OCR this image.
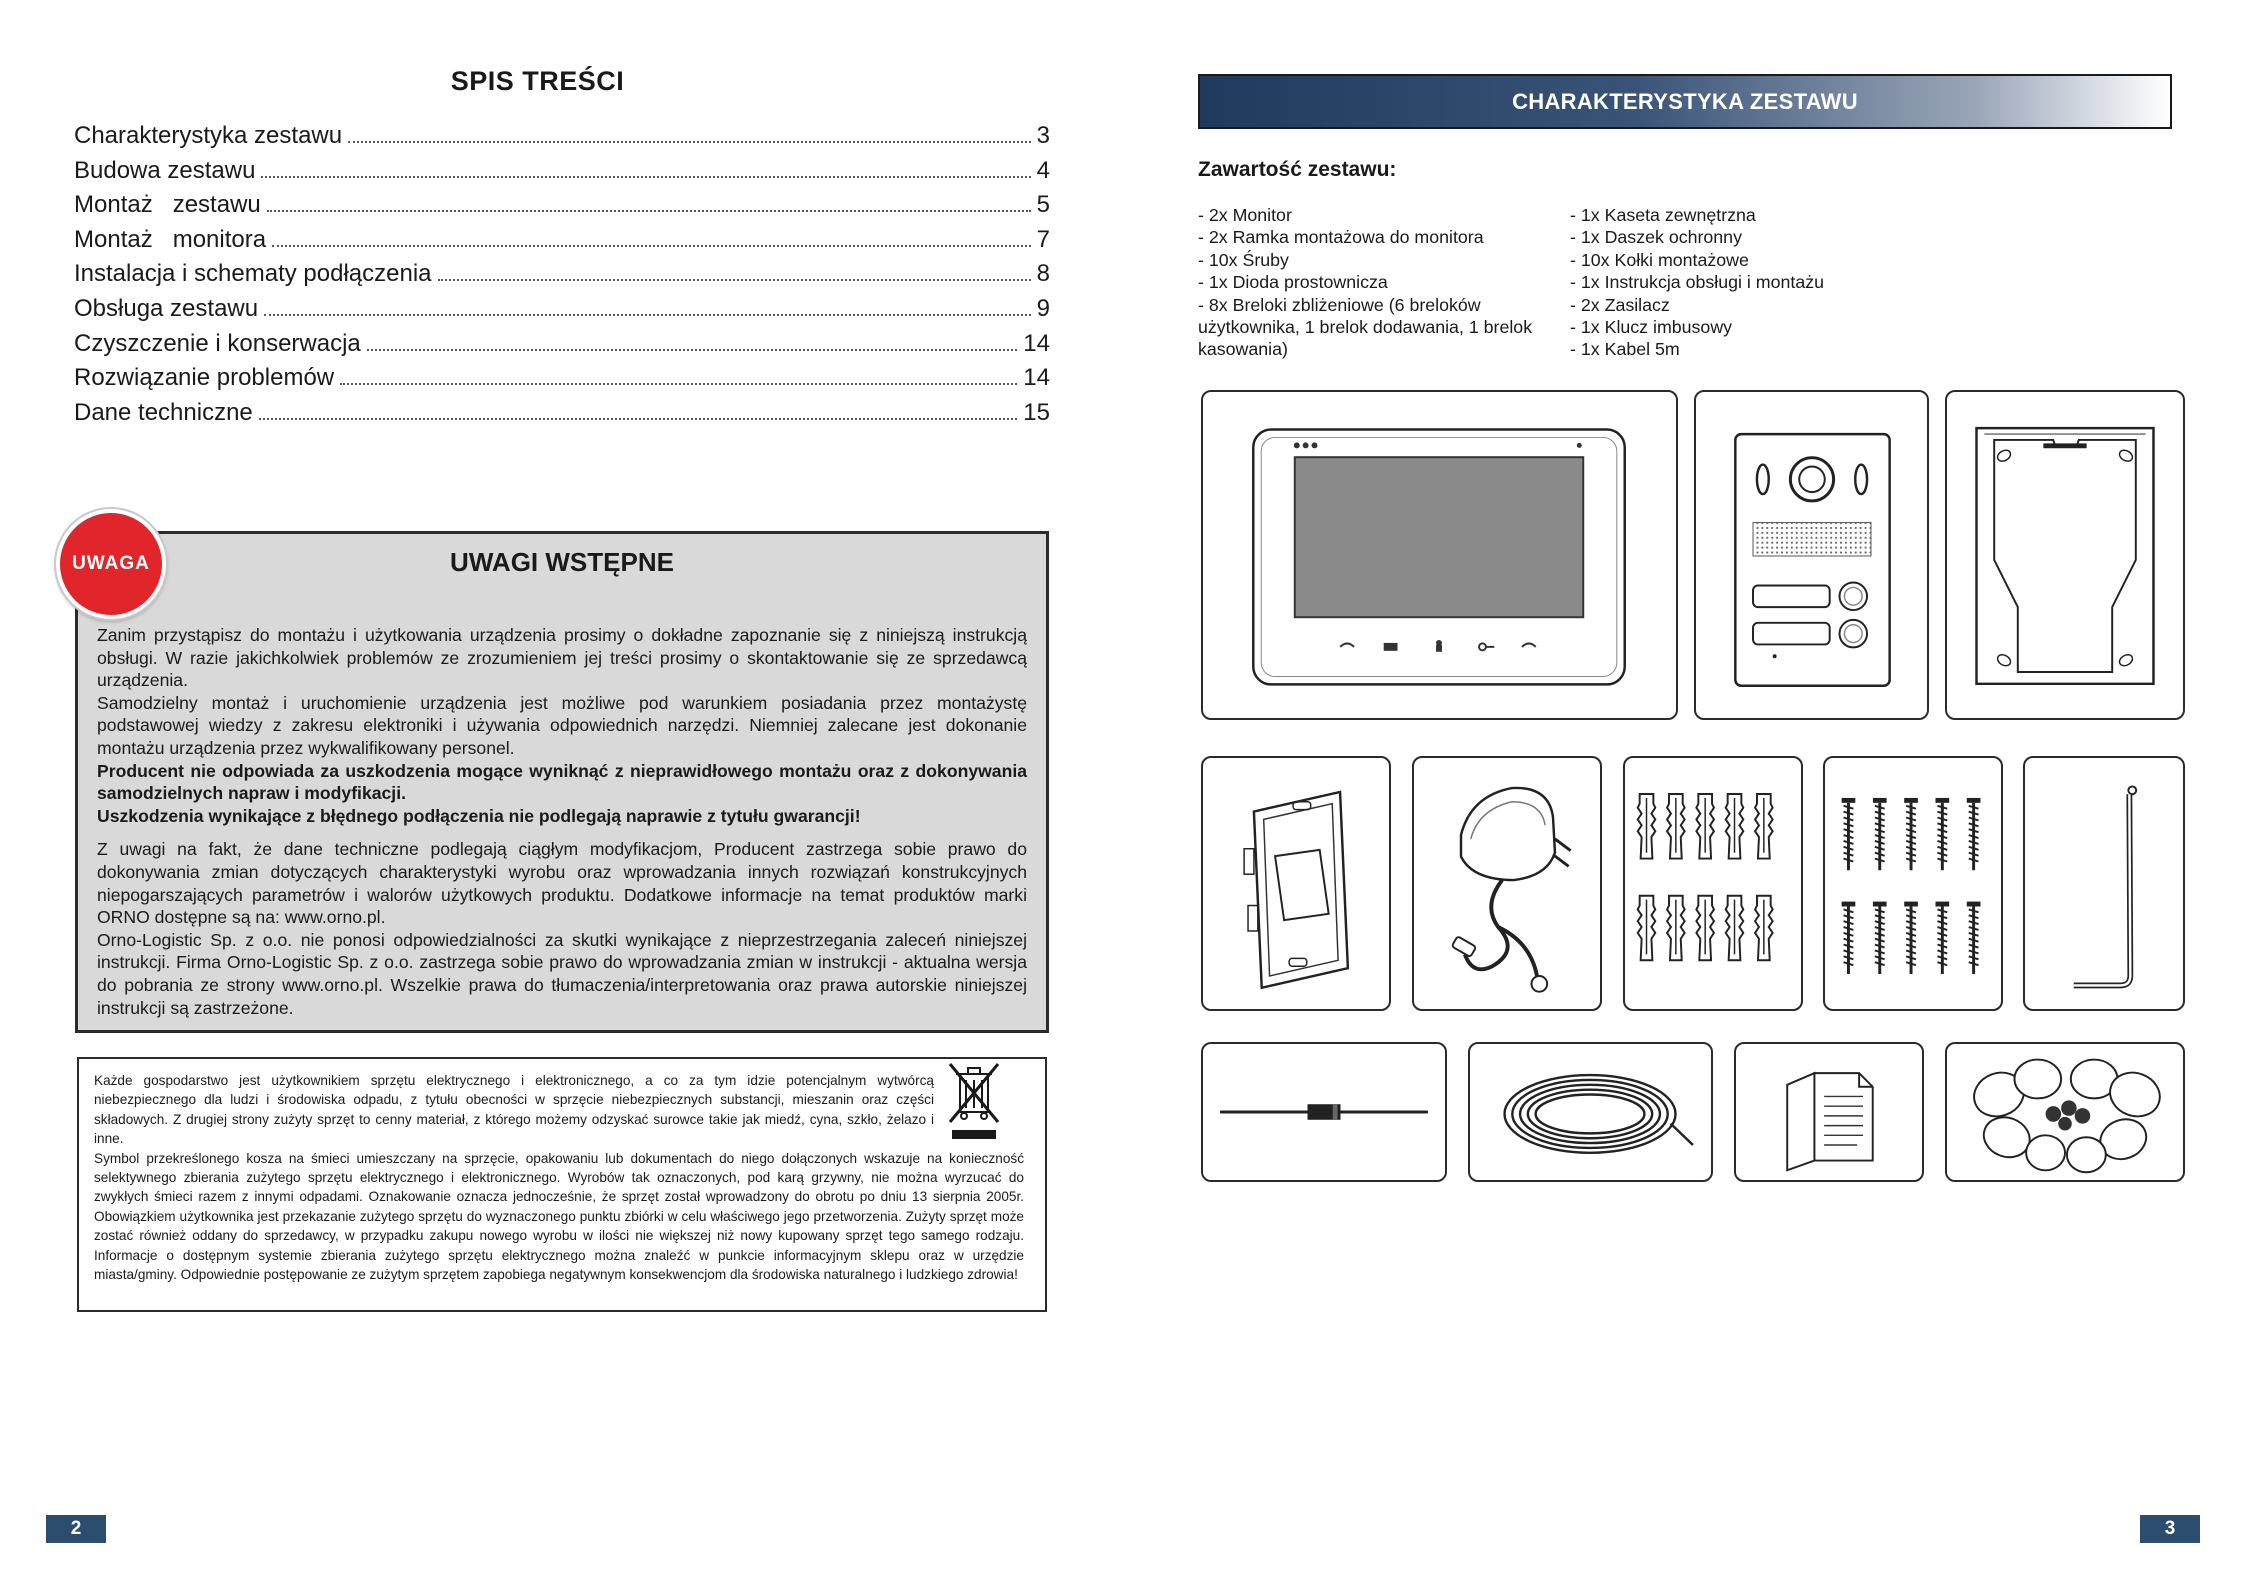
SPIS TREŚCI
Charakterystyka zestawu	3
Budowa zestawu	4
Montaż   zestawu	5
Montaż   monitora	7
Instalacja i schematy podłączenia	8
Obsługa zestawu	9
Czyszczenie i konserwacja	14
Rozwiązanie problemów	14
Dane techniczne	15
UWAGI WSTĘPNE
UWAGA

Zanim przystąpisz do montażu i użytkowania urządzenia prosimy o dokładne zapoznanie się z niniejszą instrukcją obsługi. W razie jakichkolwiek problemów ze zrozumieniem jej treści prosimy o skontaktowanie się ze sprzedawcą urządzenia.

Samodzielny montaż i uruchomienie urządzenia jest możliwe pod warunkiem posiadania przez montażystę podstawowej wiedzy z zakresu elektroniki i używania odpowiednich narzędzi. Niemniej zalecane jest dokonanie montażu urządzenia przez wykwalifikowany personel.

Producent nie odpowiada za uszkodzenia mogące wyniknąć z nieprawidłowego montażu oraz z dokonywania samodzielnych napraw i modyfikacji.

Uszkodzenia wynikające z błędnego podłączenia nie podlegają naprawie z tytułu gwarancji!

Z uwagi na fakt, że dane techniczne podlegają ciągłym modyfikacjom, Producent zastrzega sobie prawo do dokonywania zmian dotyczących charakterystyki wyrobu oraz wprowadzania innych rozwiązań konstrukcyjnych niepogarszających parametrów i walorów użytkowych produktu. Dodatkowe informacje na temat produktów marki ORNO dostępne są na: www.orno.pl.

Orno-Logistic Sp. z o.o. nie ponosi odpowiedzialności za skutki wynikające z nieprzestrzegania zaleceń niniejszej instrukcji. Firma Orno-Logistic Sp. z o.o. zastrzega sobie prawo do wprowadzania zmian w instrukcji - aktualna wersja do pobrania ze strony www.orno.pl. Wszelkie prawa do tłumaczenia/interpretowania oraz prawa autorskie niniejszej instrukcji są zastrzeżone.

Każde gospodarstwo jest użytkownikiem sprzętu elektrycznego i elektronicznego, a co za tym idzie potencjalnym wytwórcą niebezpiecznego dla ludzi i środowiska odpadu, z tytułu obecności w sprzęcie niebezpiecznych substancji, mieszanin oraz części składowych. Z drugiej strony zużyty sprzęt to cenny materiał, z którego możemy odzyskać surowce takie jak miedź, cyna, szkło, żelazo i inne.

Symbol przekreślonego kosza na śmieci umieszczany na sprzęcie, opakowaniu lub dokumentach do niego dołączonych wskazuje na konieczność selektywnego zbierania zużytego sprzętu elektrycznego i elektronicznego. Wyrobów tak oznaczonych, pod karą grzywny, nie można wyrzucać do zwykłych śmieci razem z innymi odpadami. Oznakowanie oznacza jednocześnie, że sprzęt został wprowadzony do obrotu po dniu 13 sierpnia 2005r. Obowiązkiem użytkownika jest przekazanie zużytego sprzętu do wyznaczonego punktu zbiórki w celu właściwego jego przetworzenia. Zużyty sprzęt może zostać również oddany do sprzedawcy, w przypadku zakupu nowego wyrobu w ilości nie większej niż nowy kupowany sprzęt tego samego rodzaju. Informacje o dostępnym systemie zbierania zużytego sprzętu elektrycznego można znaleźć w punkcie informacyjnym sklepu oraz w urzędzie miasta/gminy. Odpowiednie postępowanie ze zużytym sprzętem zapobiega negatywnym konsekwencjom dla środowiska naturalnego i ludzkiego zdrowia!

2
CHARAKTERYSTYKA ZESTAWU
Zawartość zestawu:
- 2x Monitor
- 2x Ramka montażowa do monitora
- 10x Śruby
- 1x Dioda prostownicza
- 8x Breloki zbliżeniowe (6 breloków użytkownika, 1 brelok dodawania, 1 brelok kasowania)
- 1x Kaseta zewnętrzna
- 1x Daszek ochronny
- 10x Kołki montażowe
- 1x Instrukcja obsługi i montażu
- 2x Zasilacz
- 1x Klucz imbusowy
- 1x Kabel 5m
3
